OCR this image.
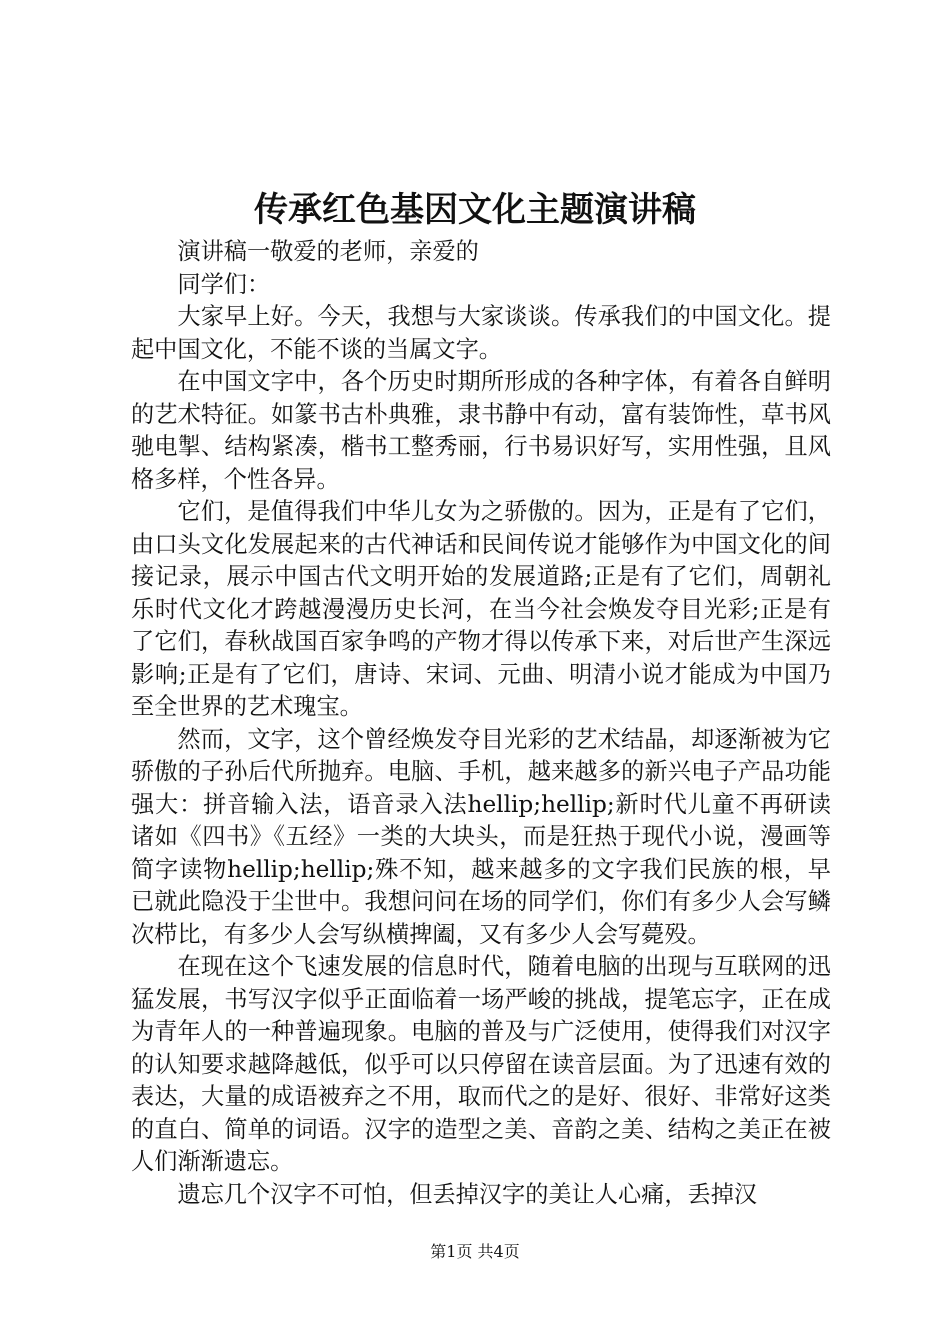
传承红色基因文化主题演讲稿

演讲稿一敬爱的老师，亲爱的

同学们：

大家早上好。今天，我想与大家谈谈。传承我们的中国文化。提起中国文化，不能不谈的当属文字。

在中国文字中，各个历史时期所形成的各种字体，有着各自鲜明的艺术特征。如篆书古朴典雅，隶书静中有动，富有装饰性，草书风驰电掣、结构紧凑，楷书工整秀丽，行书易识好写，实用性强，且风格多样，个性各异。

它们，是值得我们中华儿女为之骄傲的。因为，正是有了它们，由口头文化发展起来的古代神话和民间传说才能够作为中国文化的间接记录，展示中国古代文明开始的发展道路;正是有了它们，周朝礼乐时代文化才跨越漫漫历史长河，在当今社会焕发夺目光彩;正是有了它们，春秋战国百家争鸣的产物才得以传承下来，对后世产生深远影响;正是有了它们，唐诗、宋词、元曲、明清小说才能成为中国乃至全世界的艺术瑰宝。

然而，文字，这个曾经焕发夺目光彩的艺术结晶，却逐渐被为它骄傲的子孙后代所抛弃。电脑、手机，越来越多的新兴电子产品功能强大：拼音输入法，语音录入法hellip;hellip;新时代儿童不再研读诸如《四书》《五经》一类的大块头，而是狂热于现代小说，漫画等简字读物hellip;hellip;殊不知，越来越多的文字我们民族的根，早已就此隐没于尘世中。我想问问在场的同学们，你们有多少人会写鳞次栉比，有多少人会写纵横捭阖，又有多少人会写薨殁。

在现在这个飞速发展的信息时代，随着电脑的出现与互联网的迅猛发展，书写汉字似乎正面临着一场严峻的挑战，提笔忘字，正在成为青年人的一种普遍现象。电脑的普及与广泛使用，使得我们对汉字的认知要求越降越低，似乎可以只停留在读音层面。为了迅速有效的表达，大量的成语被弃之不用，取而代之的是好、很好、非常好这类的直白、简单的词语。汉字的造型之美、音韵之美、结构之美正在被人们渐渐遗忘。

遗忘几个汉字不可怕，但丢掉汉字的美让人心痛，丢掉汉

第1页 共4页
